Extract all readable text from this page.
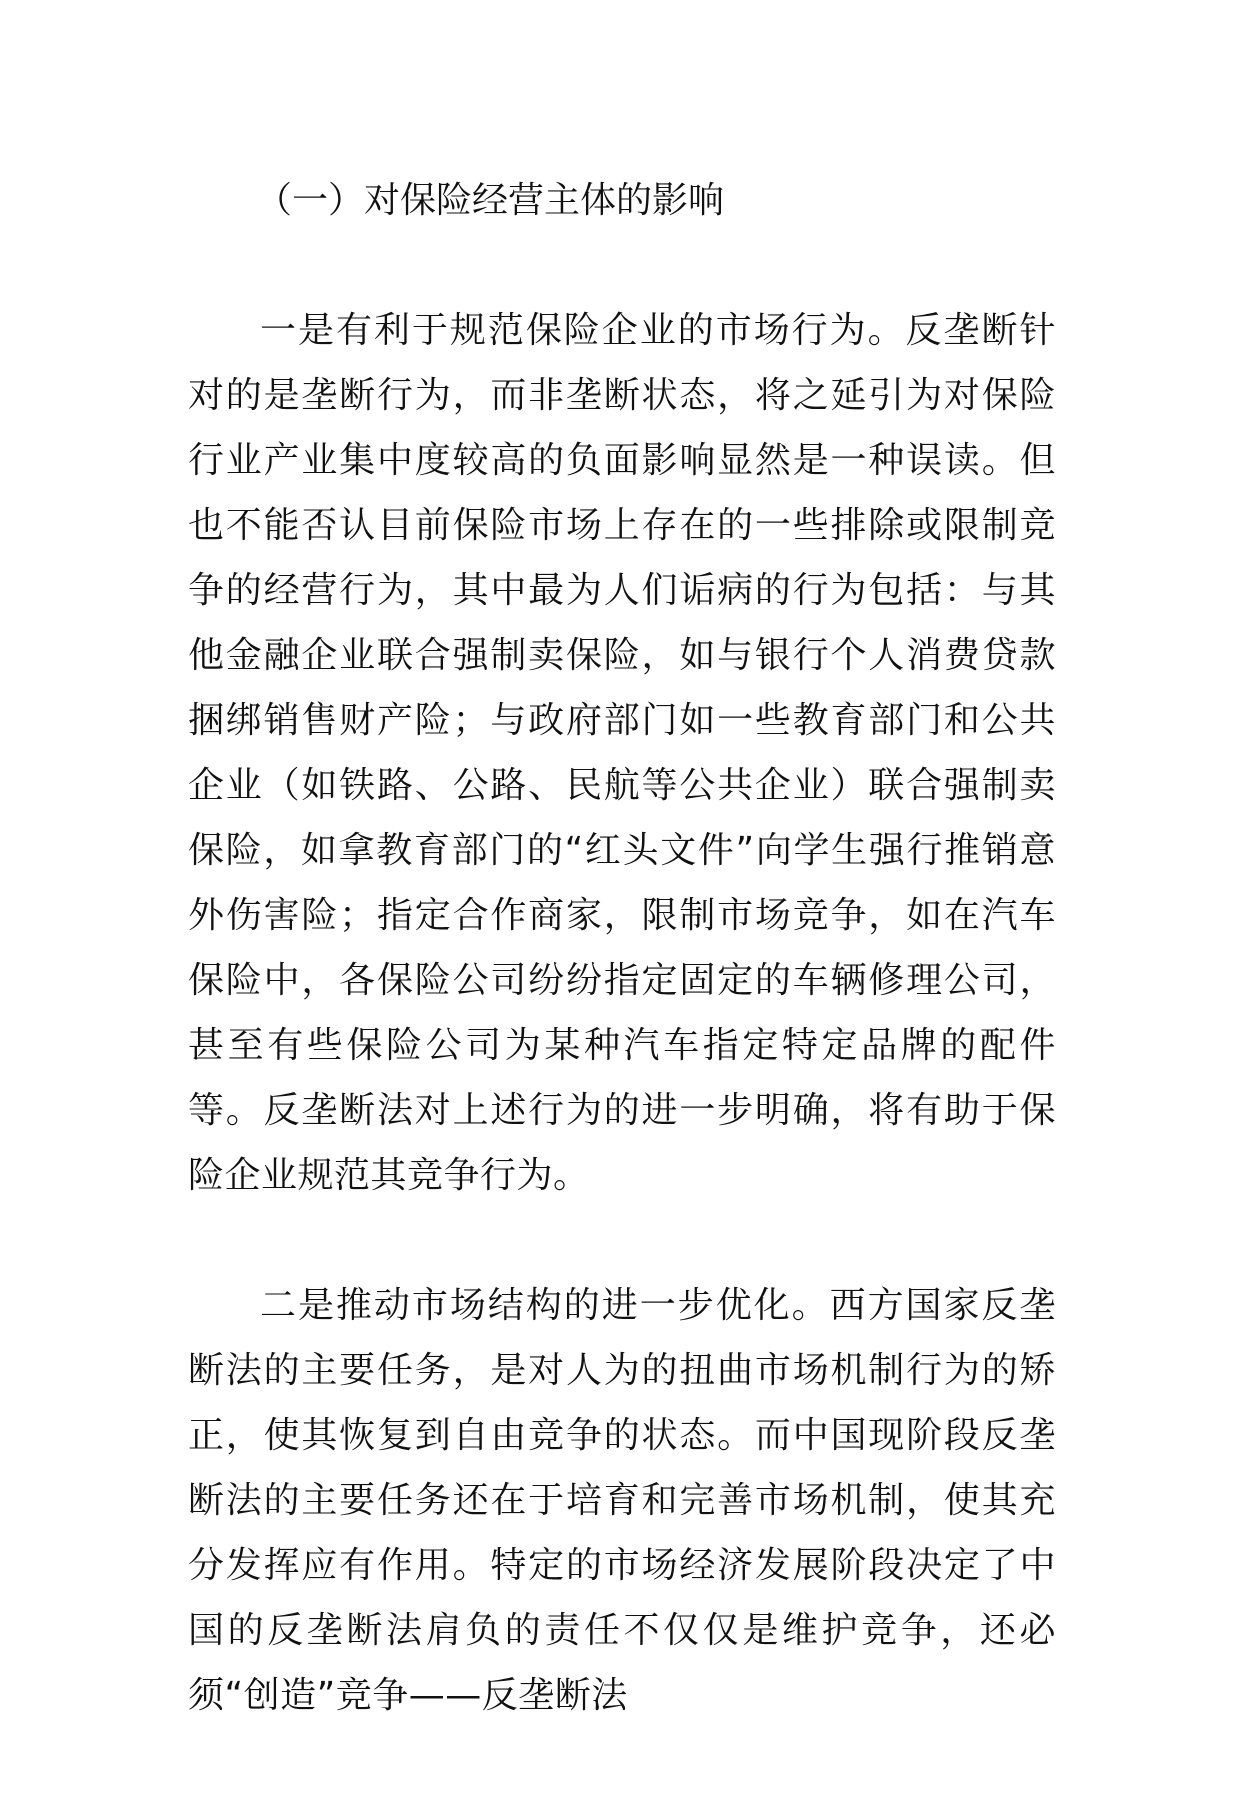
（一）对保险经营主体的影响

一是有利于规范保险企业的市场行为。反垄断针对的是垄断行为，而非垄断状态，将之延引为对保险行业产业集中度较高的负面影响显然是一种误读。但也不能否认目前保险市场上存在的一些排除或限制竞争的经营行为，其中最为人们诟病的行为包括：与其他金融企业联合强制卖保险，如与银行个人消费贷款捆绑销售财产险；与政府部门如一些教育部门和公共企业（如铁路、公路、民航等公共企业）联合强制卖保险，如拿教育部门的“红头文件”向学生强行推销意外伤害险；指定合作商家，限制市场竞争，如在汽车保险中，各保险公司纷纷指定固定的车辆修理公司，甚至有些保险公司为某种汽车指定特定品牌的配件等。反垄断法对上述行为的进一步明确，将有助于保险企业规范其竞争行为。

二是推动市场结构的进一步优化。西方国家反垄断法的主要任务，是对人为的扭曲市场机制行为的矫正，使其恢复到自由竞争的状态。而中国现阶段反垄断法的主要任务还在于培育和完善市场机制，使其充分发挥应有作用。特定的市场经济发展阶段决定了中国的反垄断法肩负的责任不仅仅是维护竞争，还必须“创造”竞争——反垄断法
